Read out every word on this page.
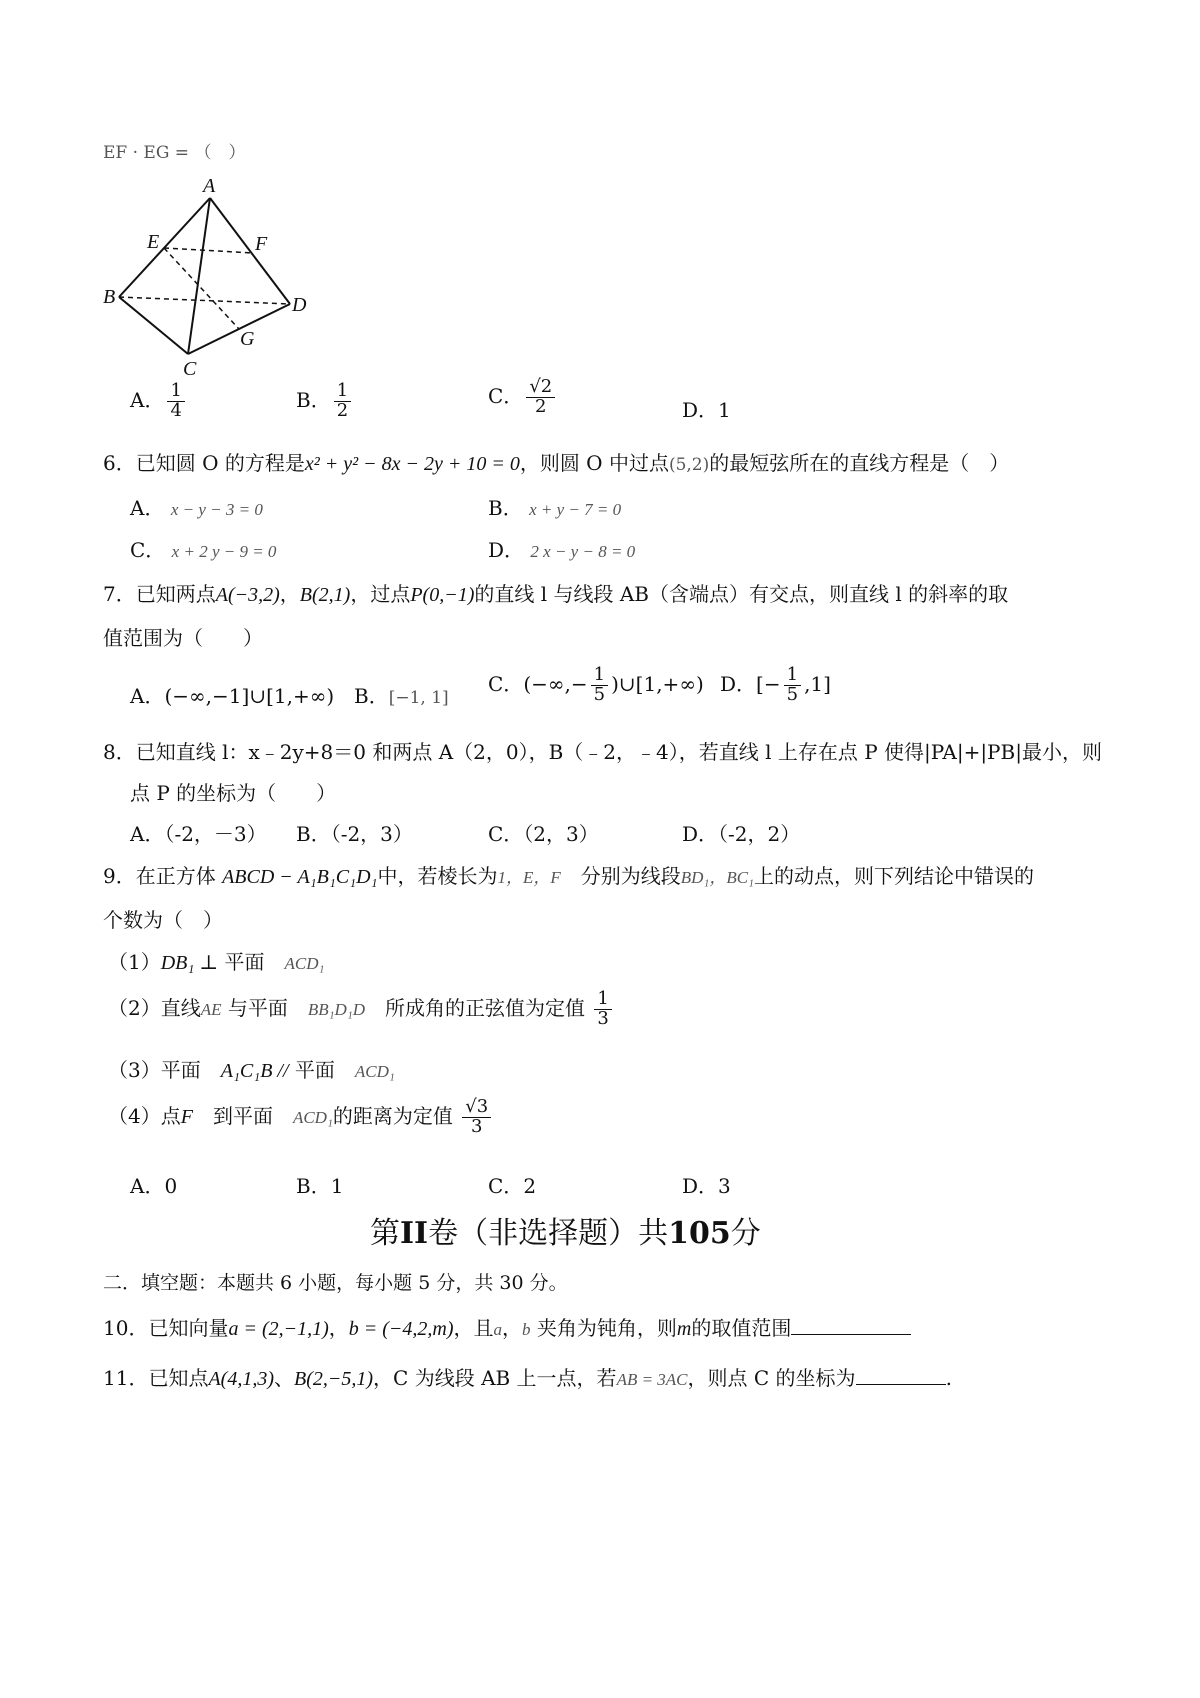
EF · EG = （　）
A
E	F
B	D
G
C
A． $\frac{1}{4}$	B． $\frac{1}{2}$	C． $\frac{√2}{2}$	D．1
6．已知圆 O 的方程是x² + y² − 8x − 2y + 10 = 0，则圆 O 中过点(5,2)的最短弦所在的直线方程是（　）
A． x − y − 3 = 0	B． x + y − 7 = 0
C． x + 2 y − 9 = 0	D． 2 x − y − 8 = 0
7．已知两点A(−3,2)，B(2,1)，过点P(0,−1)的直线 l 与线段 AB（含端点）有交点，则直线 l 的斜率的取
值范围为（　　）
A．(−∞,−1]∪[1,+∞) B．[−1, 1]
C．(−∞,− $\frac{1}{5}$ )∪[1,+∞) D．[− $\frac{1}{5} ,1$]
8．已知直线 l：x﹣2y+8＝0 和两点 A（2，0），B（﹣2，﹣4），若直线 l 上存在点 P 使得|PA|+|PB|最小，则
点 P 的坐标为（　　）
A．（-2，－3） B．（-2，3）	C．（2，3）	D．（-2，2）
9．在正方体 ABCD − A₁B₁C₁D₁中，若棱长为1，E，F　 分别为线段BD₁，BC₁上的动点，则下列结论中错误的
个数为（　）
（1）DB₁ ⊥ 平面　 ACD₁
（2）直线AE 与平面　 BB₁D₁D　 所成角的正弦值为定值 $\frac{1}{3}$
（3）平面　 A₁C₁B // 平面　 ACD₁
（4）点F　 到平面　 ACD₁的距离为定值 $\frac{√3}{3}$
A．0	B．1	C．2	D．3
第II卷（非选择题）共105分
二．填空题：本题共 6 小题，每小题 5 分，共 30 分。
10．已知向量a = (2,−1,1)，b = (−4,2,m)，且a，b 夹角为钝角，则m的取值范围
11．已知点A(4,1,3)、B(2,−5,1)，C 为线段 AB 上一点，若AB = 3AC，则点 C 的坐标为	.
